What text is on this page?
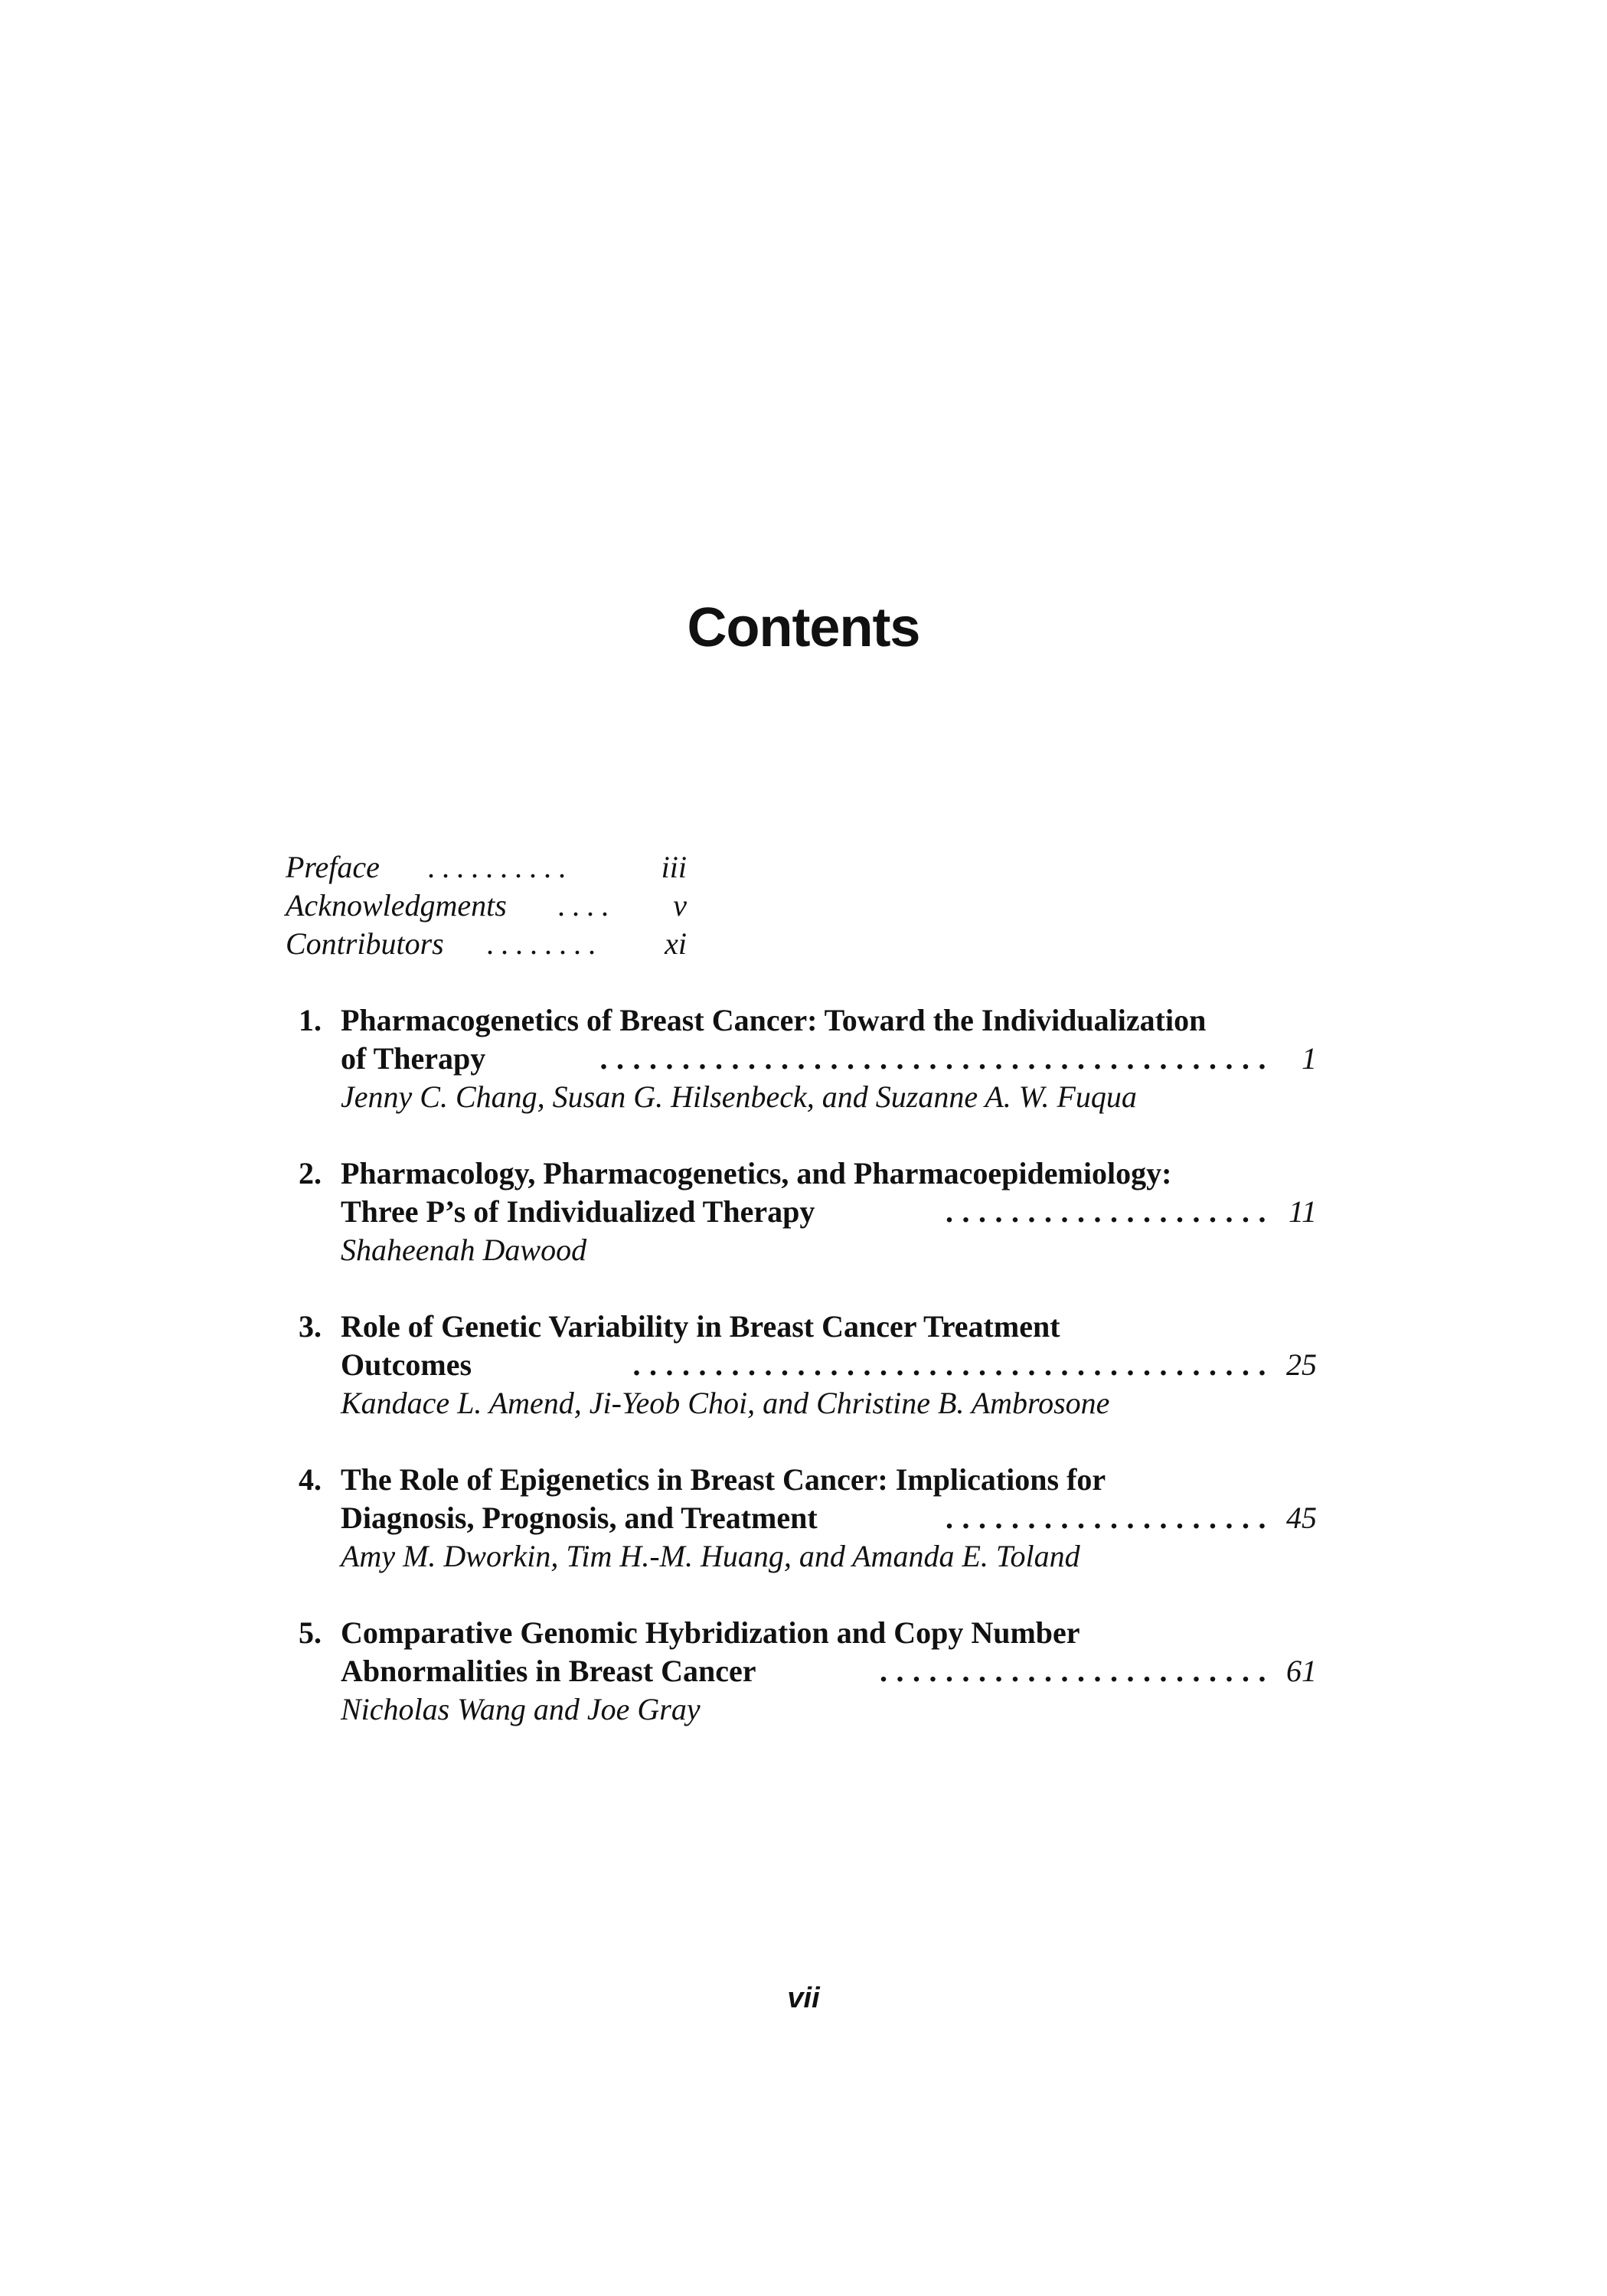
Contents
Preface ..........	iii
Acknowledgments .... v
Contributors ........ xi
1. Pharmacogenetics of Breast Cancer: Toward the Individualization
.........................................
of Therapy	1
Jenny C. Chang, Susan G. Hilsenbeck, and Suzanne A. W. Fuqua
2. Pharmacology, Pharmacogenetics, and Pharmacoepidemiology:
....................
Three P’s of Individualized Therapy	11
Shaheenah Dawood
3. Role of Genetic Variability in Breast Cancer Treatment
.......................................
Outcomes	25
Kandace L. Amend, Ji-Yeob Choi, and Christine B. Ambrosone
4. The Role of Epigenetics in Breast Cancer: Implications for
....................
Diagnosis, Prognosis, and Treatment	45
Amy M. Dworkin, Tim H.-M. Huang, and Amanda E. Toland
5. Comparative Genomic Hybridization and Copy Number
........................
Abnormalities in Breast Cancer	61
Nicholas Wang and Joe Gray
vii
